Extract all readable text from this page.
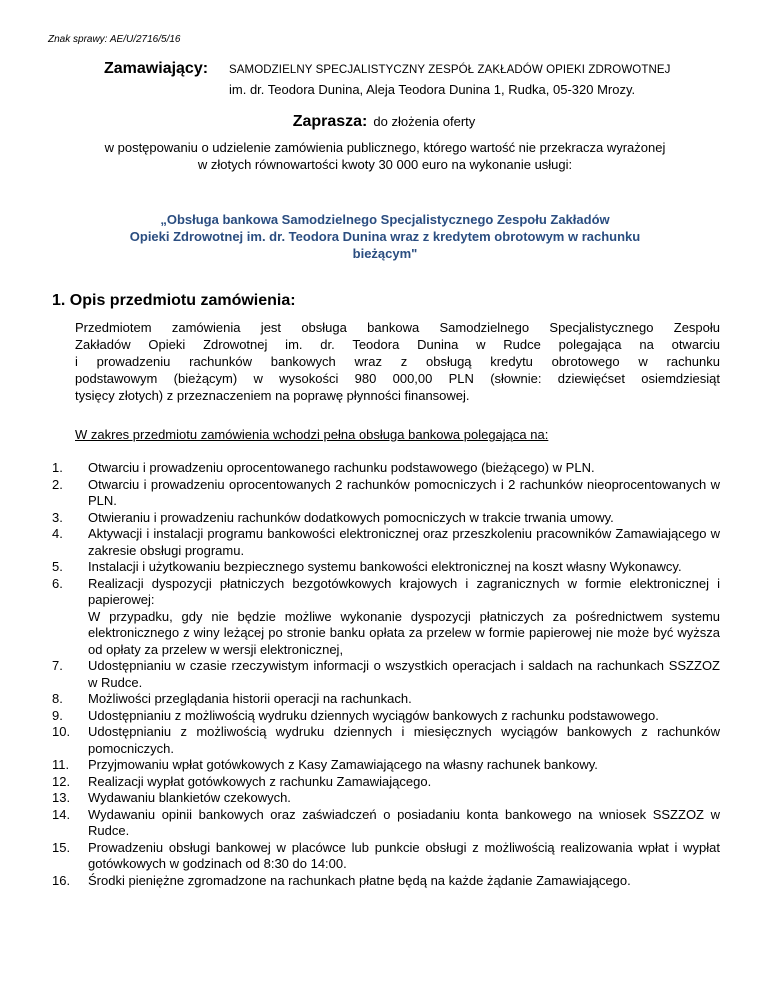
Znak sprawy: AE/U/2716/5/16
Zamawiający: SAMODZIELNY SPECJALISTYCZNY ZESPÓŁ ZAKŁADÓW OPIEKI ZDROWOTNEJ
im. dr. Teodora Dunina, Aleja Teodora Dunina 1, Rudka, 05-320 Mrozy.
Zaprasza: do złożenia oferty
w postępowaniu o udzielenie zamówienia publicznego, którego wartość nie przekracza wyrażonej
w złotych równowartości kwoty 30 000 euro na wykonanie usługi:
„Obsługa bankowa Samodzielnego Specjalistycznego Zespołu Zakładów
Opieki Zdrowotnej im. dr. Teodora Dunina wraz z kredytem obrotowym w rachunku
bieżącym"
1. Opis przedmiotu zamówienia:
Przedmiotem zamówienia jest obsługa bankowa Samodzielnego Specjalistycznego Zespołu
Zakładów Opieki Zdrowotnej im. dr. Teodora Dunina w Rudce polegająca na otwarciu
i prowadzeniu rachunków bankowych wraz z obsługą kredytu obrotowego w rachunku
podstawowym (bieżącym) w wysokości 980 000,00 PLN (słownie: dziewięćset osiemdziesiąt
tysięcy złotych) z przeznaczeniem na poprawę płynności finansowej.
W zakres przedmiotu zamówienia wchodzi pełna obsługa bankowa polegająca na:
1.	Otwarciu i prowadzeniu oprocentowanego rachunku podstawowego (bieżącego) w PLN.
2.	Otwarciu i prowadzeniu oprocentowanych 2 rachunków pomocniczych i 2 rachunków nieoprocentowanych w PLN.
3.	Otwieraniu i prowadzeniu rachunków dodatkowych pomocniczych w trakcie trwania umowy.
4.	Aktywacji i instalacji programu bankowości elektronicznej oraz przeszkoleniu pracowników Zamawiającego w zakresie obsługi programu.
5.	Instalacji i użytkowaniu bezpiecznego systemu bankowości elektronicznej na koszt własny Wykonawcy.
6.	Realizacji dyspozycji płatniczych bezgotówkowych krajowych i zagranicznych w formie elektronicznej i papierowej:
W przypadku, gdy nie będzie możliwe wykonanie dyspozycji płatniczych za pośrednictwem systemu elektronicznego z winy leżącej po stronie banku opłata za przelew w formie papierowej nie może być wyższa od opłaty za przelew w wersji elektronicznej,
7.	Udostępnianiu w czasie rzeczywistym informacji o wszystkich operacjach i saldach na rachunkach SSZZOZ w Rudce.
8.	Możliwości przeglądania historii operacji na rachunkach.
9.	Udostępnianiu z możliwością wydruku dziennych wyciągów bankowych z rachunku podstawowego.
10.	Udostępnianiu z możliwością wydruku dziennych i miesięcznych wyciągów bankowych z rachunków pomocniczych.
11.	Przyjmowaniu wpłat gotówkowych z Kasy Zamawiającego na własny rachunek bankowy.
12.	Realizacji wypłat gotówkowych z rachunku Zamawiającego.
13.	Wydawaniu blankietów czekowych.
14.	Wydawaniu opinii bankowych oraz zaświadczeń o posiadaniu konta bankowego na wniosek SSZZOZ w Rudce.
15.	Prowadzeniu obsługi bankowej w placówce lub punkcie obsługi z możliwością realizowania wpłat i wypłat gotówkowych w godzinach od 8:30 do 14:00.
16.	Środki pieniężne zgromadzone na rachunkach płatne będą na każde żądanie Zamawiającego.
